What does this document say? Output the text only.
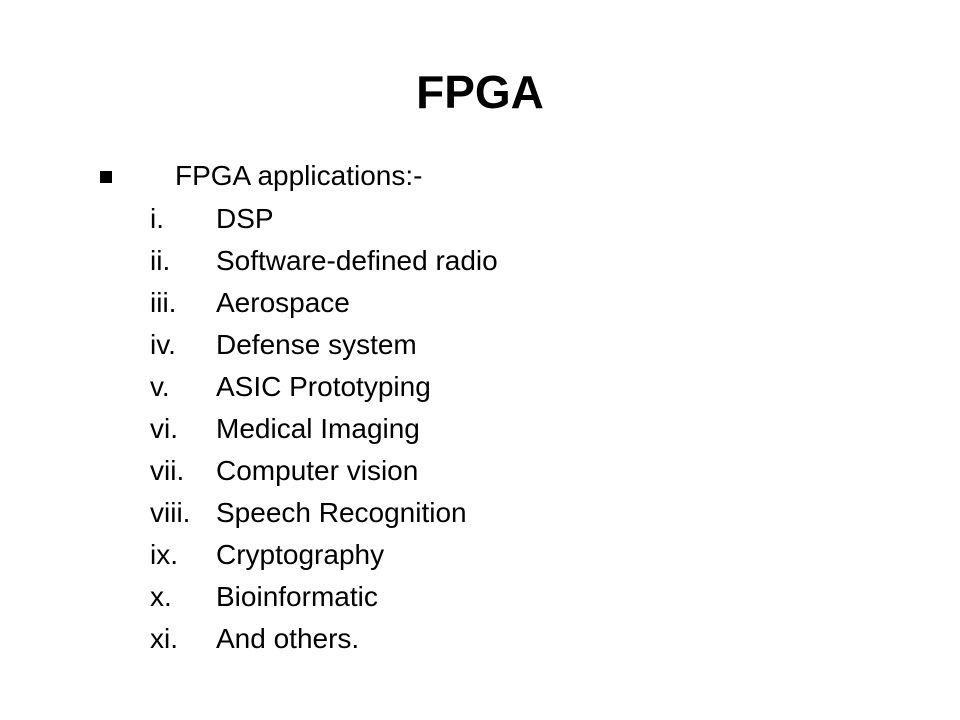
FPGA
FPGA applications:-
i. DSP
ii. Software-defined radio
iii. Aerospace
iv. Defense system
v. ASIC Prototyping
vi. Medical Imaging
vii. Computer vision
viii. Speech Recognition
ix. Cryptography
x. Bioinformatic
xi. And others.
